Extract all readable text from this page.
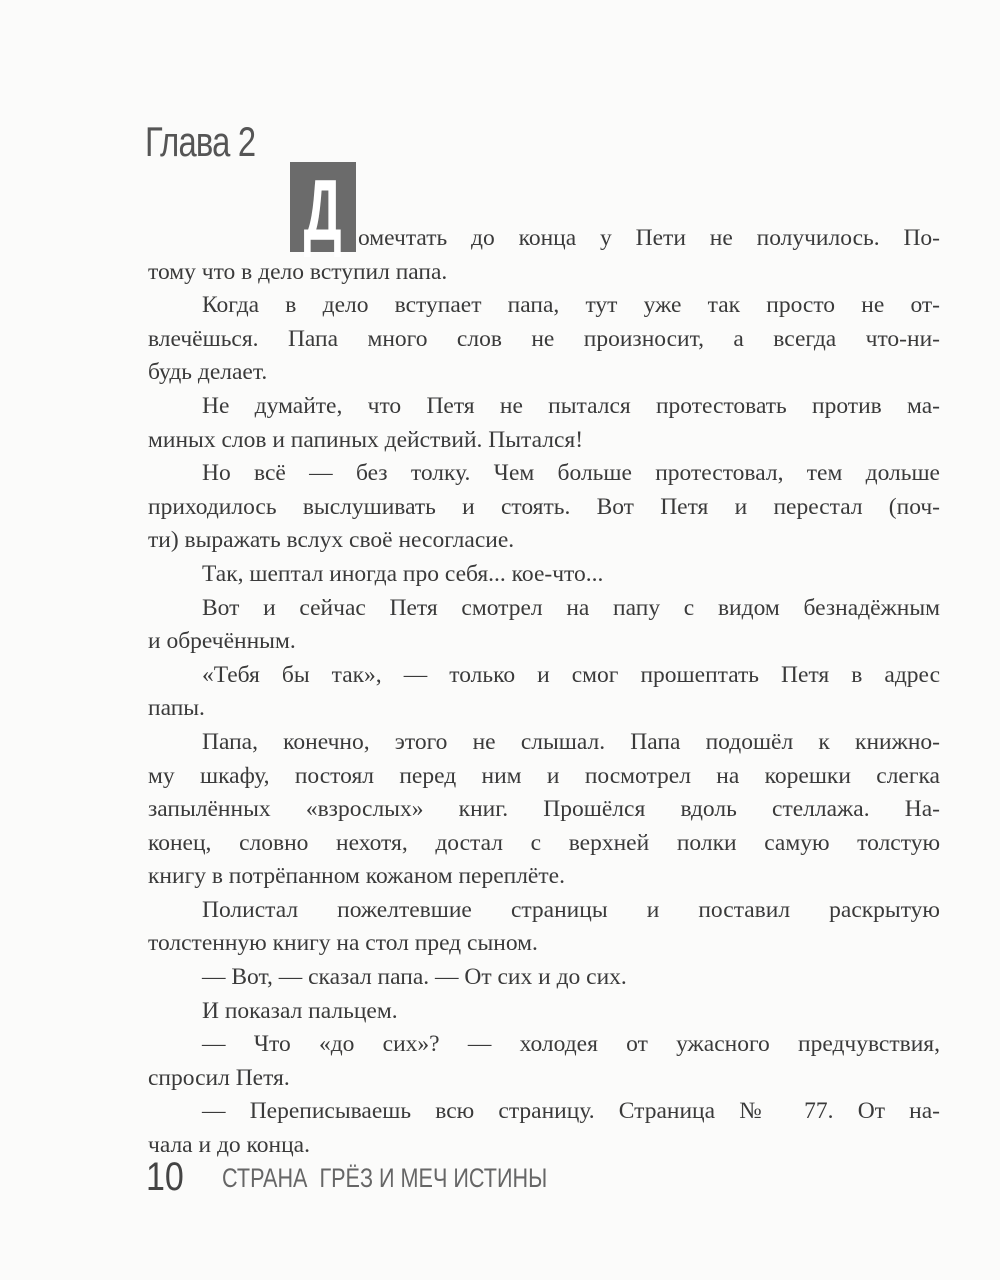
Глава 2
Д омечтать до конца у Пети не получилось. По-
тому что в дело вступил папа.
Когда в дело вступает папа, тут уже так просто не от-
влечёшься. Папа много слов не произносит, а всегда что-ни-
будь делает.
Не думайте, что Петя не пытался протестовать против ма-
миных слов и папиных действий. Пытался!
Но всё — без толку. Чем больше протестовал, тем дольше
приходилось выслушивать и стоять. Вот Петя и перестал (поч-
ти) выражать вслух своё несогласие.
Так, шептал иногда про себя... кое-что...
Вот и сейчас Петя смотрел на папу с видом безнадёжным
и обречённым.
«Тебя бы так», — только и смог прошептать Петя в адрес
папы.
Папа, конечно, этого не слышал. Папа подошёл к книжно-
му шкафу, постоял перед ним и посмотрел на корешки слегка
запылённых «взрослых» книг. Прошёлся вдоль стеллажа. На-
конец, словно нехотя, достал с верхней полки самую толстую
книгу в потрёпанном кожаном переплёте.
Полистал пожелтевшие страницы и поставил раскрытую
толстенную книгу на стол пред сыном.
— Вот, — сказал папа. — От сих и до сих.
И показал пальцем.
— Что «до сих»? — холодея от ужасного предчувствия,
спросил Петя.
— Переписываешь всю страницу. Страница № 77. От на-
чала и до конца.
10 СТРАНА  ГРЁЗ И МЕЧ ИСТИНЫ
